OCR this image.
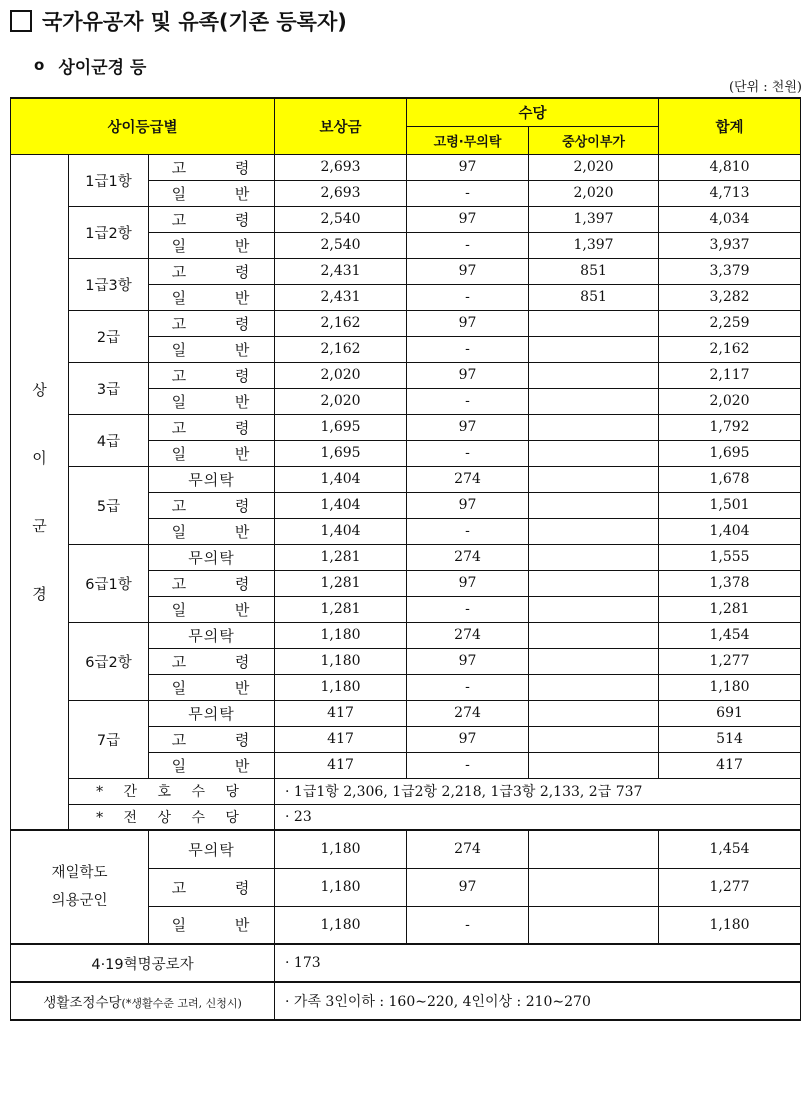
국가유공자 및 유족(기존 등록자)
o 상이군경 등
(단위 : 천원)
상이등급별			보상금	수당		합계
				고령·무의탁	중상이부가	
상
이
군
경	1급1항	고 령	2,693	97	2,020	4,810
		일 반	2,693	-	2,020	4,713
	1급2항	고 령	2,540	97	1,397	4,034
		일 반	2,540	-	1,397	3,937
	1급3항	고 령	2,431	97	851	3,379
		일 반	2,431	-	851	3,282
	2급	고 령	2,162	97		2,259
		일 반	2,162	-		2,162
	3급	고 령	2,020	97		2,117
		일 반	2,020	-		2,020
	4급	고 령	1,695	97		1,792
		일 반	1,695	-		1,695
	5급	무의탁	1,404	274		1,678
		고 령	1,404	97		1,501
		일 반	1,404	-		1,404
	6급1항	무의탁	1,281	274		1,555
		고 령	1,281	97		1,378
		일 반	1,281	-		1,281
	6급2항	무의탁	1,180	274		1,454
		고 령	1,180	97		1,277
		일 반	1,180	-		1,180
	7급	무의탁	417	274		691
		고 령	417	97		514
		일 반	417	-		417
	* 간 호 수 당		· 1급1항 2,306, 1급2항 2,218, 1급3항 2,133, 2급 737			
	* 전 상 수 당		· 23			
재일학도
의용군인		무의탁	1,180	274		1,454
		고 령	1,180	97		1,277
		일 반	1,180	-		1,180
4·19혁명공로자			· 173			
생활조정수당(*생활수준 고려, 신청시)			· 가족 3인이하 : 160∼220, 4인이상 : 210∼270			
